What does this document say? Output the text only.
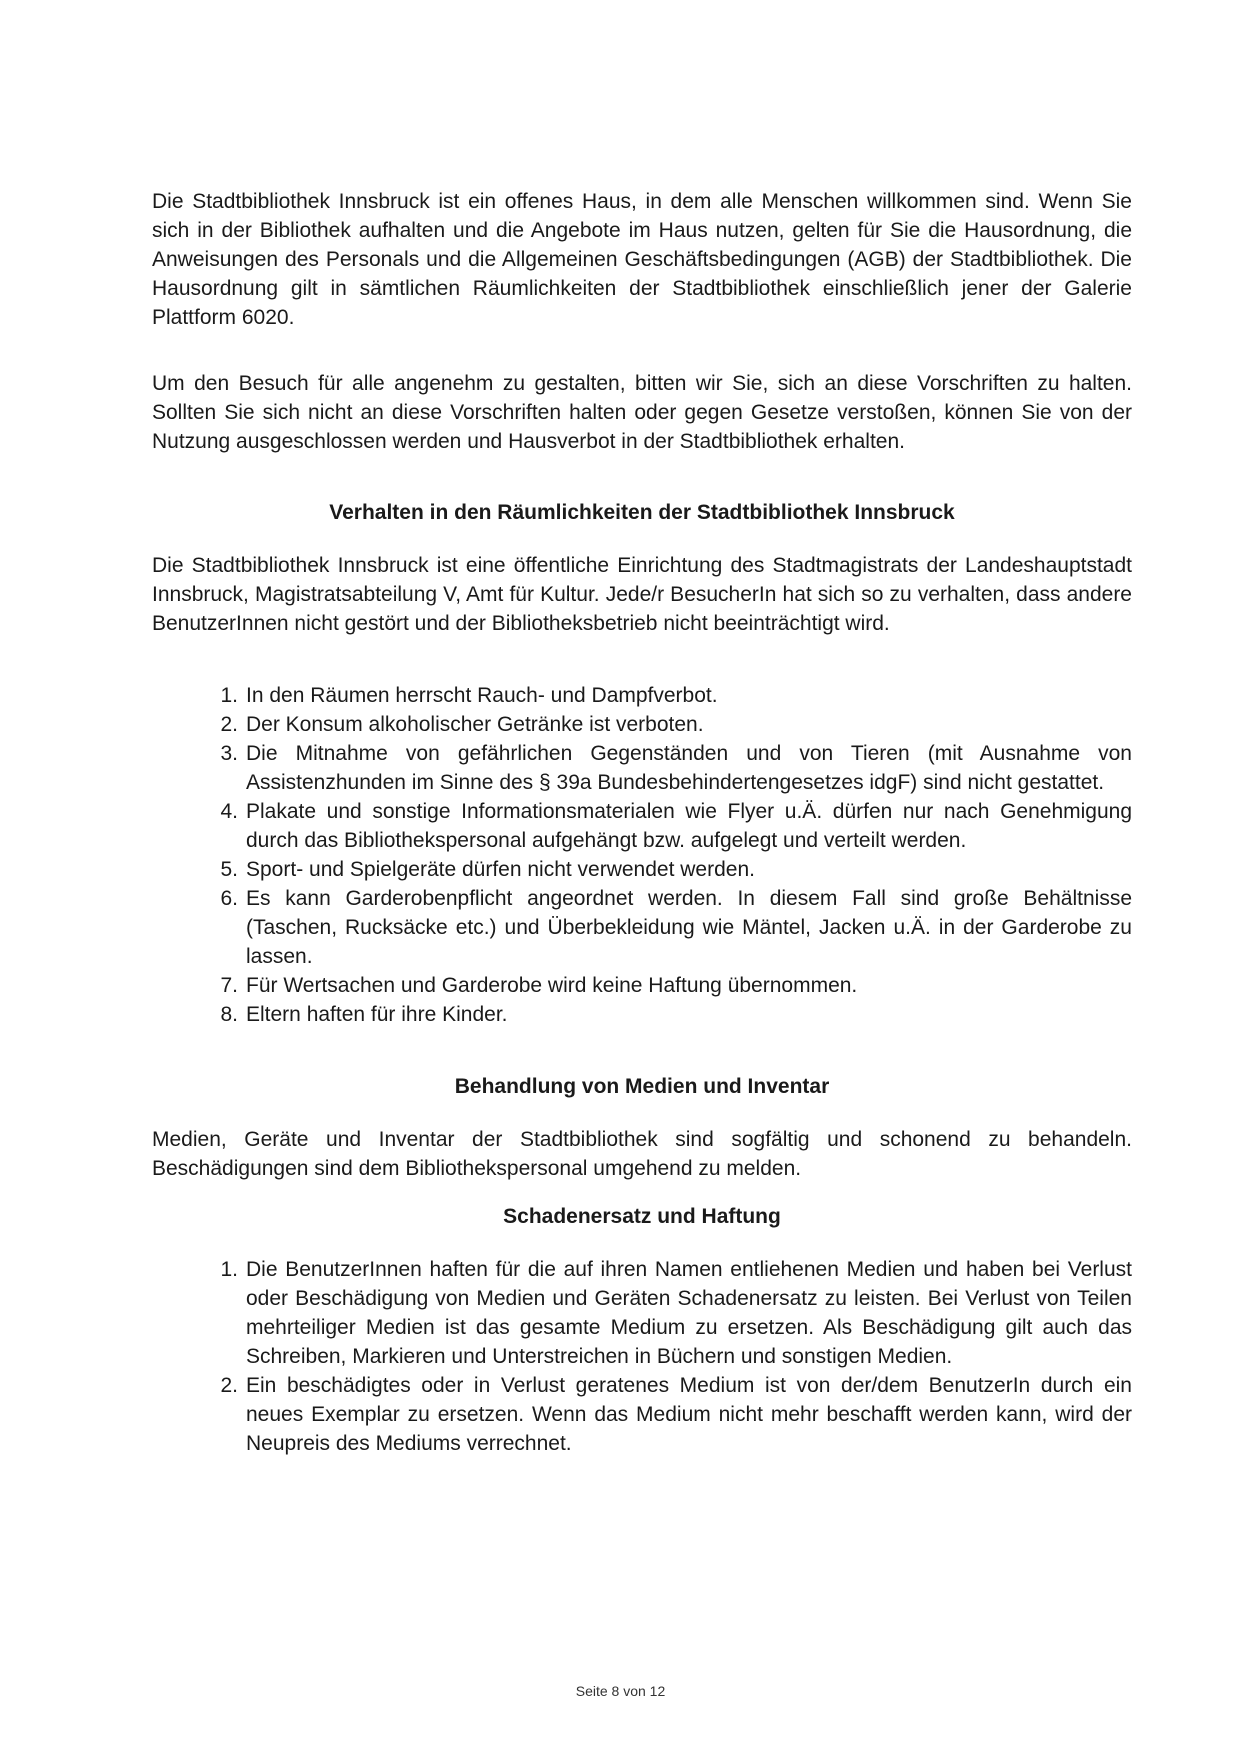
Die Stadtbibliothek Innsbruck ist ein offenes Haus, in dem alle Menschen willkommen sind. Wenn Sie sich in der Bibliothek aufhalten und die Angebote im Haus nutzen, gelten für Sie die Hausordnung, die Anweisungen des Personals und die Allgemeinen Geschäftsbedingungen (AGB) der Stadtbibliothek. Die Hausordnung gilt in sämtlichen Räumlichkeiten der Stadtbibliothek einschließlich jener der Galerie Plattform 6020.

Um den Besuch für alle angenehm zu gestalten, bitten wir Sie, sich an diese Vorschriften zu halten. Sollten Sie sich nicht an diese Vorschriften halten oder gegen Gesetze verstoßen, können Sie von der Nutzung ausgeschlossen werden und Hausverbot in der Stadtbibliothek erhalten.

Verhalten in den Räumlichkeiten der Stadtbibliothek Innsbruck

Die Stadtbibliothek Innsbruck ist eine öffentliche Einrichtung des Stadtmagistrats der Landeshauptstadt Innsbruck, Magistratsabteilung V, Amt für Kultur. Jede/r BesucherIn hat sich so zu verhalten, dass andere BenutzerInnen nicht gestört und der Bibliotheksbetrieb nicht beeinträchtigt wird.

1. In den Räumen herrscht Rauch- und Dampfverbot.
2. Der Konsum alkoholischer Getränke ist verboten.
3. Die Mitnahme von gefährlichen Gegenständen und von Tieren (mit Ausnahme von Assistenzhunden im Sinne des § 39a Bundesbehindertengesetzes idgF) sind nicht gestattet.
4. Plakate und sonstige Informationsmaterialen wie Flyer u.Ä. dürfen nur nach Genehmigung durch das Bibliothekspersonal aufgehängt bzw. aufgelegt und verteilt werden.
5. Sport- und Spielgeräte dürfen nicht verwendet werden.
6. Es kann Garderobenpflicht angeordnet werden. In diesem Fall sind große Behältnisse (Taschen, Rucksäcke etc.) und Überbekleidung wie Mäntel, Jacken u.Ä. in der Garderobe zu lassen.
7. Für Wertsachen und Garderobe wird keine Haftung übernommen.
8. Eltern haften für ihre Kinder.
Behandlung von Medien und Inventar

Medien, Geräte und Inventar der Stadtbibliothek sind sogfältig und schonend zu behandeln. Beschädigungen sind dem Bibliothekspersonal umgehend zu melden.

Schadenersatz und Haftung
1. Die BenutzerInnen haften für die auf ihren Namen entliehenen Medien und haben bei Verlust oder Beschädigung von Medien und Geräten Schadenersatz zu leisten. Bei Verlust von Teilen mehrteiliger Medien ist das gesamte Medium zu ersetzen. Als Beschädigung gilt auch das Schreiben, Markieren und Unterstreichen in Büchern und sonstigen Medien.
2. Ein beschädigtes oder in Verlust geratenes Medium ist von der/dem BenutzerIn durch ein neues Exemplar zu ersetzen. Wenn das Medium nicht mehr beschafft werden kann, wird der Neupreis des Mediums verrechnet.
Seite 8 von 12
